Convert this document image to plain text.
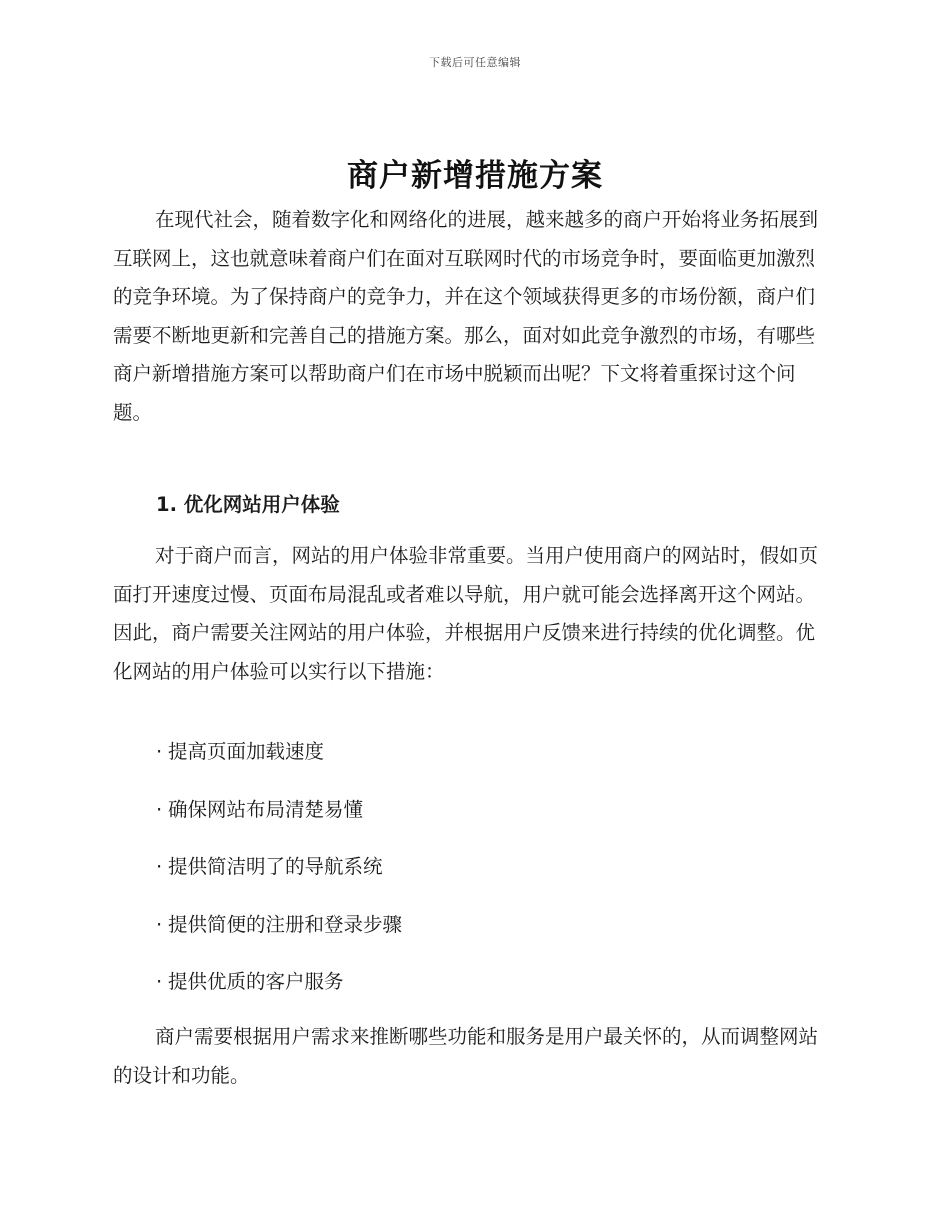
下载后可任意编辑
商户新增措施方案

在现代社会，随着数字化和网络化的进展，越来越多的商户开始将业务拓展到互联网上，这也就意味着商户们在面对互联网时代的市场竞争时，要面临更加激烈的竞争环境。为了保持商户的竞争力，并在这个领域获得更多的市场份额，商户们需要不断地更新和完善自己的措施方案。那么，面对如此竞争激烈的市场，有哪些商户新增措施方案可以帮助商户们在市场中脱颖而出呢？下文将着重探讨这个问题。

1. 优化网站用户体验

对于商户而言，网站的用户体验非常重要。当用户使用商户的网站时，假如页面打开速度过慢、页面布局混乱或者难以导航，用户就可能会选择离开这个网站。因此，商户需要关注网站的用户体验，并根据用户反馈来进行持续的优化调整。优化网站的用户体验可以实行以下措施：

· 提高页面加载速度
· 确保网站布局清楚易懂
· 提供简洁明了的导航系统
· 提供简便的注册和登录步骤
· 提供优质的客户服务

商户需要根据用户需求来推断哪些功能和服务是用户最关怀的，从而调整网站的设计和功能。
